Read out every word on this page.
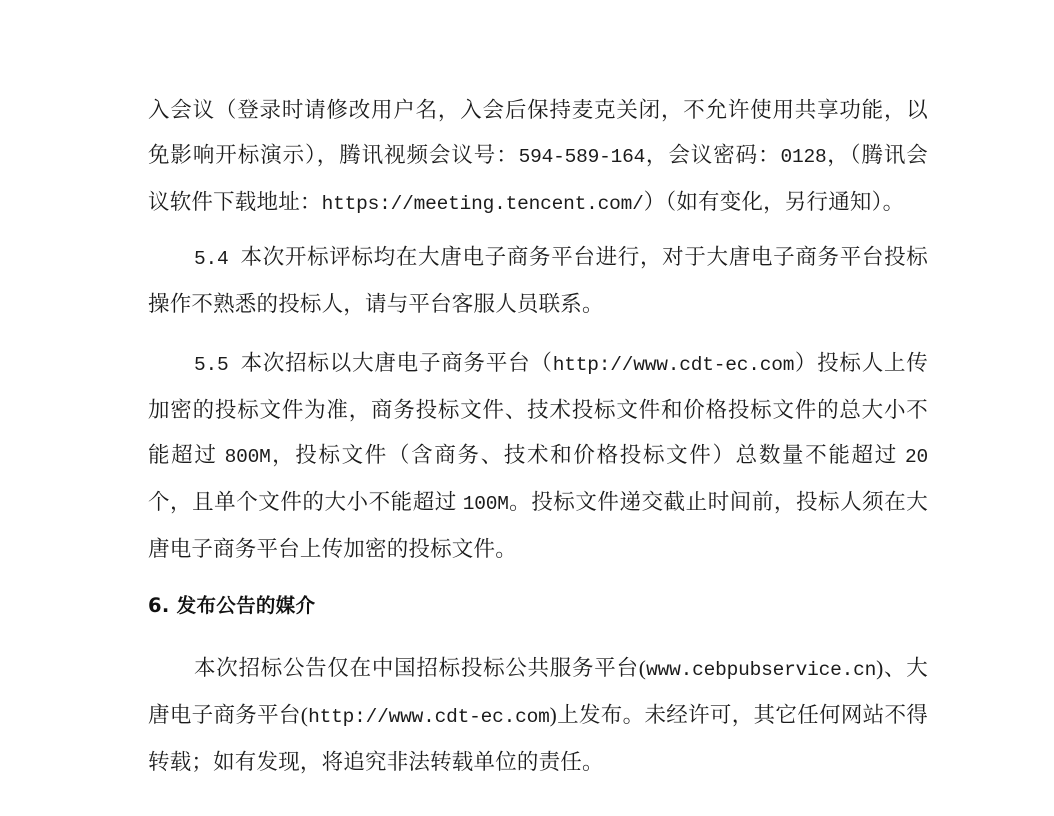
入会议（登录时请修改用户名，入会后保持麦克关闭，不允许使用共享功能，以免影响开标演示），腾讯视频会议号：594-589-164，会议密码：0128，（腾讯会议软件下载地址：https://meeting.tencent.com/）（如有变化，另行通知）。

5.4 本次开标评标均在大唐电子商务平台进行，对于大唐电子商务平台投标操作不熟悉的投标人，请与平台客服人员联系。

5.5 本次招标以大唐电子商务平台（http://www.cdt-ec.com）投标人上传加密的投标文件为准，商务投标文件、技术投标文件和价格投标文件的总大小不能超过 800M，投标文件（含商务、技术和价格投标文件）总数量不能超过 20 个，且单个文件的大小不能超过 100M。投标文件递交截止时间前，投标人须在大唐电子商务平台上传加密的投标文件。

6. 发布公告的媒介

本次招标公告仅在中国招标投标公共服务平台(www.cebpubservice.cn)、大唐电子商务平台(http://www.cdt-ec.com)上发布。未经许可，其它任何网站不得转载；如有发现，将追究非法转载单位的责任。
